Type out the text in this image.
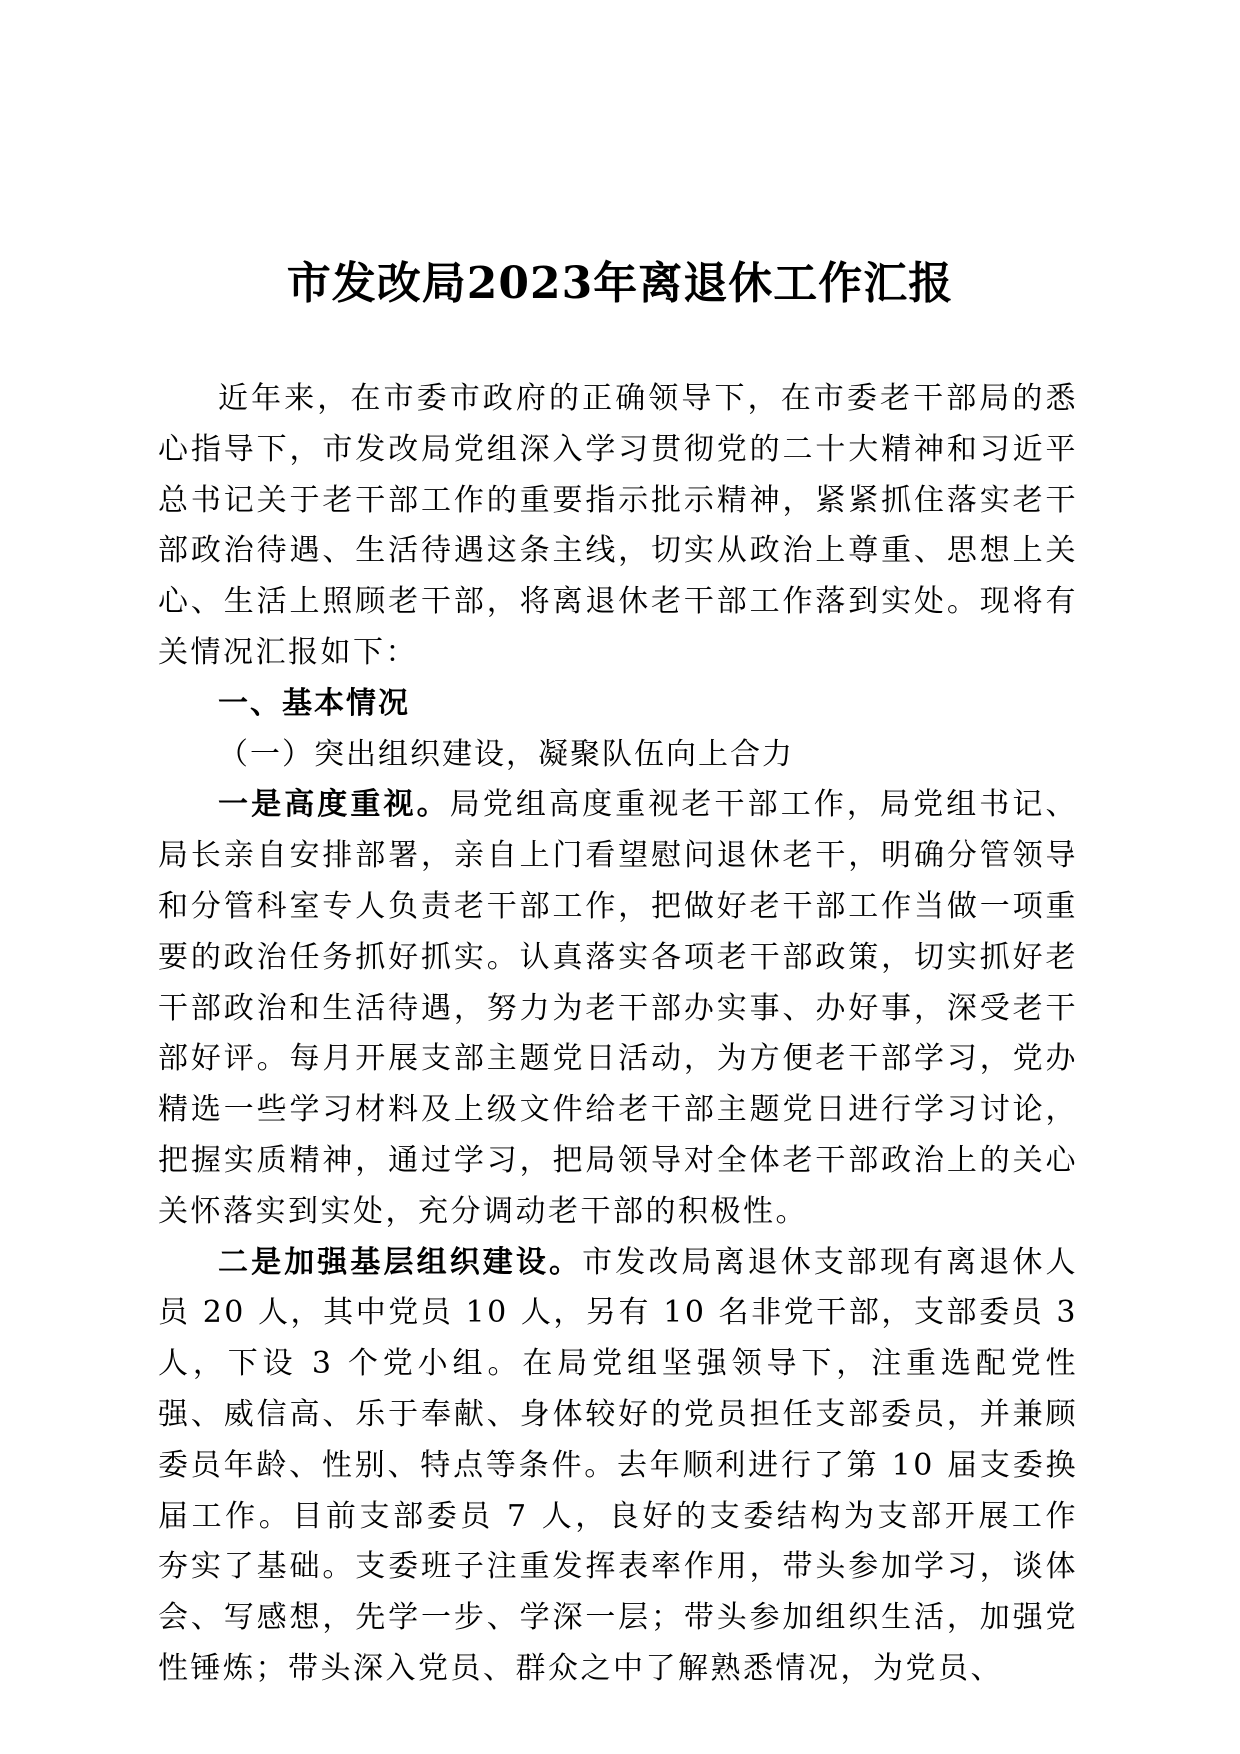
市发改局2023年离退休工作汇报

近年来，在市委市政府的正确领导下，在市委老干部局的悉心指导下，市发改局党组深入学习贯彻党的二十大精神和习近平总书记关于老干部工作的重要指示批示精神，紧紧抓住落实老干部政治待遇、生活待遇这条主线，切实从政治上尊重、思想上关心、生活上照顾老干部，将离退休老干部工作落到实处。现将有关情况汇报如下：

一、基本情况

（一）突出组织建设，凝聚队伍向上合力

一是高度重视。局党组高度重视老干部工作，局党组书记、局长亲自安排部署，亲自上门看望慰问退休老干，明确分管领导和分管科室专人负责老干部工作，把做好老干部工作当做一项重要的政治任务抓好抓实。认真落实各项老干部政策，切实抓好老干部政治和生活待遇，努力为老干部办实事、办好事，深受老干部好评。每月开展支部主题党日活动，为方便老干部学习，党办精选一些学习材料及上级文件给老干部主题党日进行学习讨论，把握实质精神，通过学习，把局领导对全体老干部政治上的关心关怀落实到实处，充分调动老干部的积极性。

二是加强基层组织建设。市发改局离退休支部现有离退休人员 20 人，其中党员 10 人，另有 10 名非党干部，支部委员 3 人，下设 3 个党小组。在局党组坚强领导下，注重选配党性强、威信高、乐于奉献、身体较好的党员担任支部委员，并兼顾委员年龄、性别、特点等条件。去年顺利进行了第 10 届支委换届工作。目前支部委员 7 人，良好的支委结构为支部开展工作夯实了基础。支委班子注重发挥表率作用，带头参加学习，谈体会、写感想，先学一步、学深一层；带头参加组织生活，加强党性锤炼；带头深入党员、群众之中了解熟悉情况，为党员、
